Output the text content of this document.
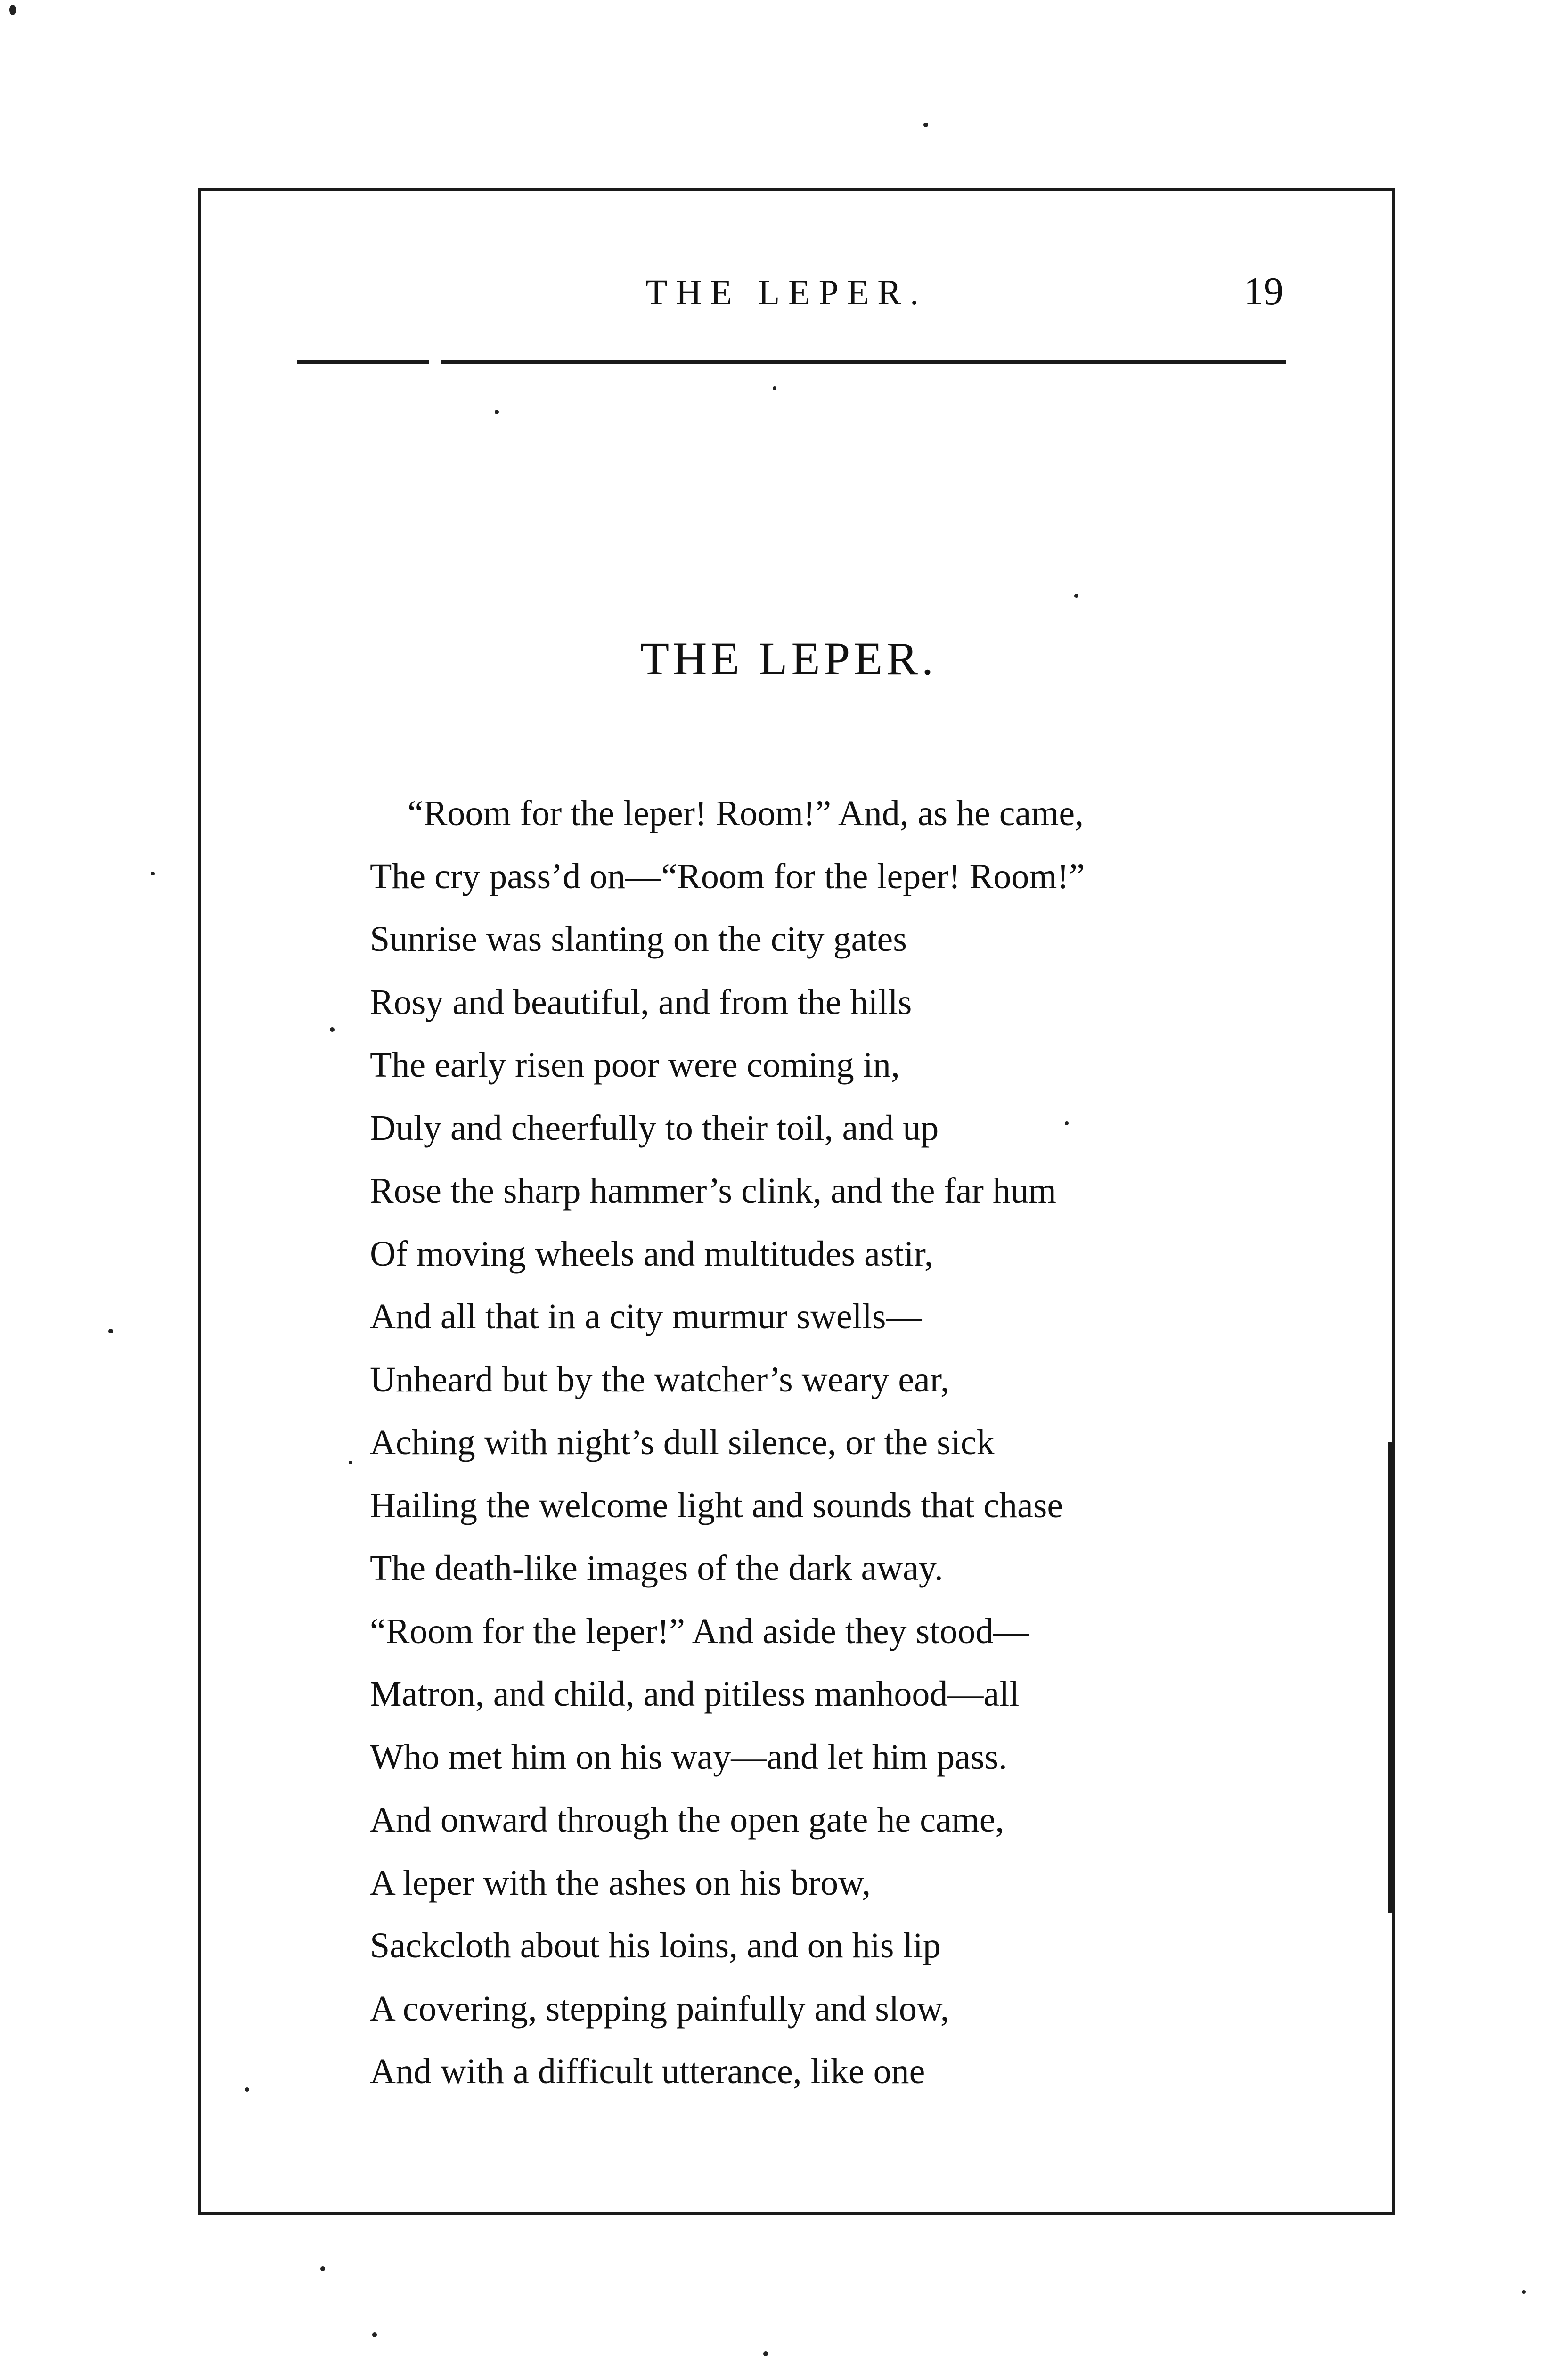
THE LEPER.	19
THE LEPER.
“Room for the leper! Room!” And, as he came,
The cry pass’d on—“Room for the leper! Room!”
Sunrise was slanting on the city gates
Rosy and beautiful, and from the hills
The early risen poor were coming in,
Duly and cheerfully to their toil, and up
Rose the sharp hammer’s clink, and the far hum
Of moving wheels and multitudes astir,
And all that in a city murmur swells—
Unheard but by the watcher’s weary ear,
Aching with night’s dull silence, or the sick
Hailing the welcome light and sounds that chase
The death-like images of the dark away.
“Room for the leper!” And aside they stood—
Matron, and child, and pitiless manhood—all
Who met him on his way—and let him pass.
And onward through the open gate he came,
A leper with the ashes on his brow,
Sackcloth about his loins, and on his lip
A covering, stepping painfully and slow,
And with a difficult utterance, like one
